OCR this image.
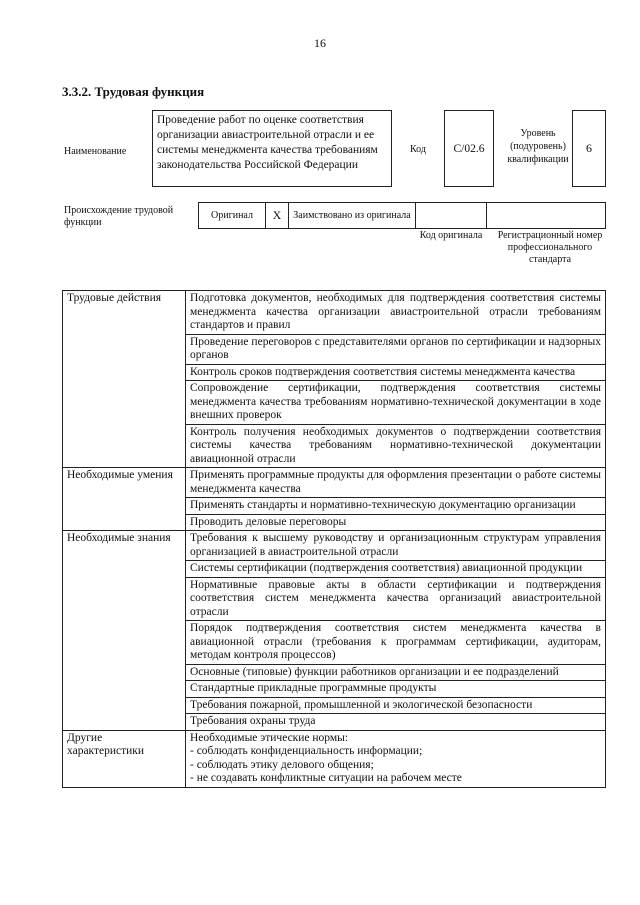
16
3.3.2. Трудовая функция
Наименование
Проведение работ по оценке соответствия организации авиастроительной отрасли и ее системы менеджмента качества требованиям законодательства Российской Федерации
Код	C/02.6
Уровень (подуровень) квалификации
6
Происхождение трудовой функции
Оригинал	X	Заимствовано из оригинала
Код оригинала	Регистрационный номер профессионального стандарта
Трудовые действия	Подготовка документов, необходимых для подтверждения соответствия системы менеджмента качества организации авиастроительной отрасли требованиям стандартов и правил
	Проведение переговоров с представителями органов по сертификации и надзорных органов
	Контроль сроков подтверждения соответствия системы менеджмента качества
	Сопровождение сертификации, подтверждения соответствия системы менеджмента качества требованиям нормативно-технической документации в ходе внешних проверок
	Контроль получения необходимых документов о подтверждении соответствия системы качества требованиям нормативно-технической документации авиационной отрасли
Необходимые умения	Применять программные продукты для оформления презентации о работе системы менеджмента качества
	Применять стандарты и нормативно-техническую документацию организации
	Проводить деловые переговоры
Необходимые знания	Требования к высшему руководству и организационным структурам управления организацией в авиастроительной отрасли
	Системы сертификации (подтверждения соответствия) авиационной продукции
	Нормативные правовые акты в области сертификации и подтверждения соответствия систем менеджмента качества организаций авиастроительной отрасли
	Порядок подтверждения соответствия систем менеджмента качества в авиационной отрасли (требования к программам сертификации, аудиторам, методам контроля процессов)
	Основные (типовые) функции работников организации и ее подразделений
	Стандартные прикладные программные продукты
	Требования пожарной, промышленной и экологической безопасности
	Требования охраны труда
Другие характеристики	Необходимые этические нормы:
- соблюдать конфиденциальность информации;
- соблюдать этику делового общения;
- не создавать конфликтные ситуации на рабочем месте
